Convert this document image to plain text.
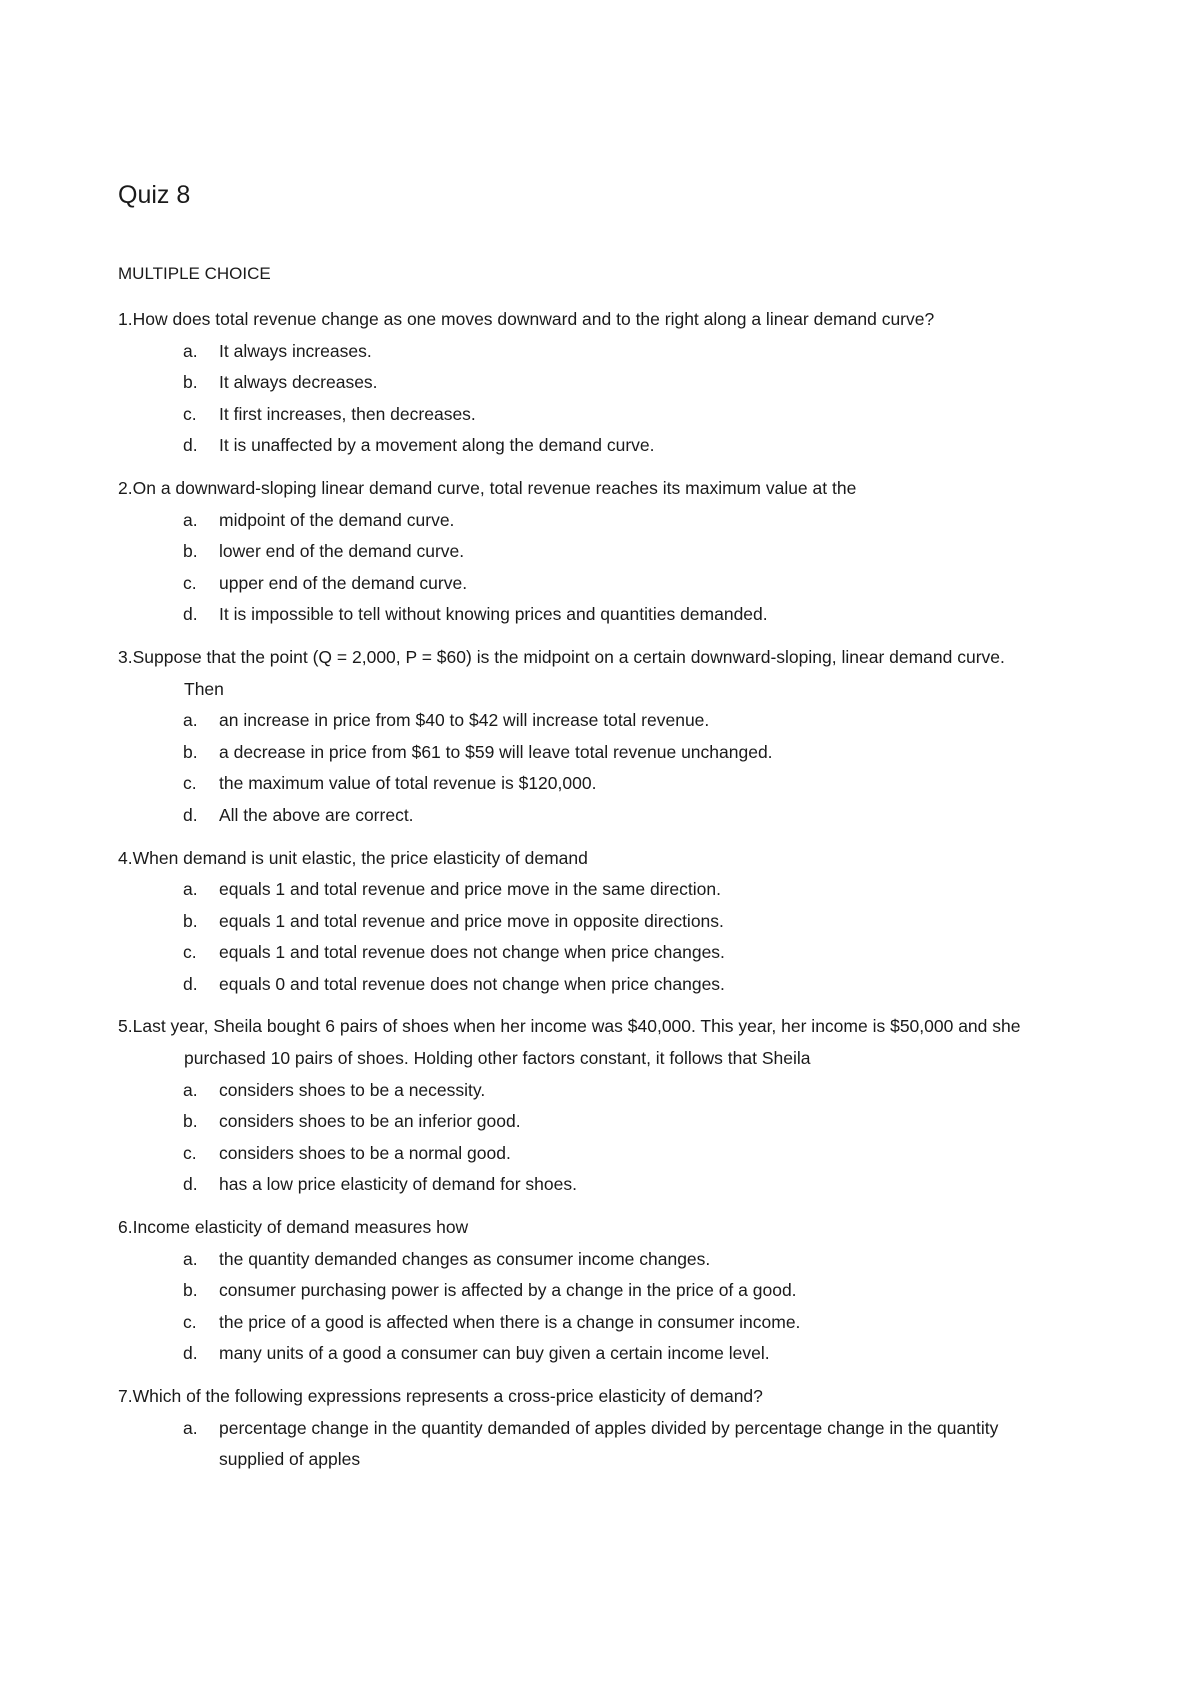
Quiz 8
MULTIPLE CHOICE

1.How does total revenue change as one moves downward and to the right along a linear demand curve?

a. It always increases.
b. It always decreases.
c. It first increases, then decreases.
d. It is unaffected by a movement along the demand curve.

2.On a downward-sloping linear demand curve, total revenue reaches its maximum value at the

a. midpoint of the demand curve.
b. lower end of the demand curve.
c. upper end of the demand curve.
d. It is impossible to tell without knowing prices and quantities demanded.

3.Suppose that the point (Q = 2,000, P = $60) is the midpoint on a certain downward-sloping, linear demand curve. Then

a. an increase in price from $40 to $42 will increase total revenue.
b. a decrease in price from $61 to $59 will leave total revenue unchanged.
c. the maximum value of total revenue is $120,000.
d. All the above are correct.

4.When demand is unit elastic, the price elasticity of demand

a. equals 1 and total revenue and price move in the same direction.
b. equals 1 and total revenue and price move in opposite directions.
c. equals 1 and total revenue does not change when price changes.
d. equals 0 and total revenue does not change when price changes.

5.Last year, Sheila bought 6 pairs of shoes when her income was $40,000. This year, her income is $50,000 and she purchased 10 pairs of shoes. Holding other factors constant, it follows that Sheila

a. considers shoes to be a necessity.
b. considers shoes to be an inferior good.
c. considers shoes to be a normal good.
d. has a low price elasticity of demand for shoes.

6.Income elasticity of demand measures how

a. the quantity demanded changes as consumer income changes.
b. consumer purchasing power is affected by a change in the price of a good.
c. the price of a good is affected when there is a change in consumer income.
d. many units of a good a consumer can buy given a certain income level.

7.Which of the following expressions represents a cross-price elasticity of demand?

a. percentage change in the quantity demanded of apples divided by percentage change in the quantity supplied of apples
